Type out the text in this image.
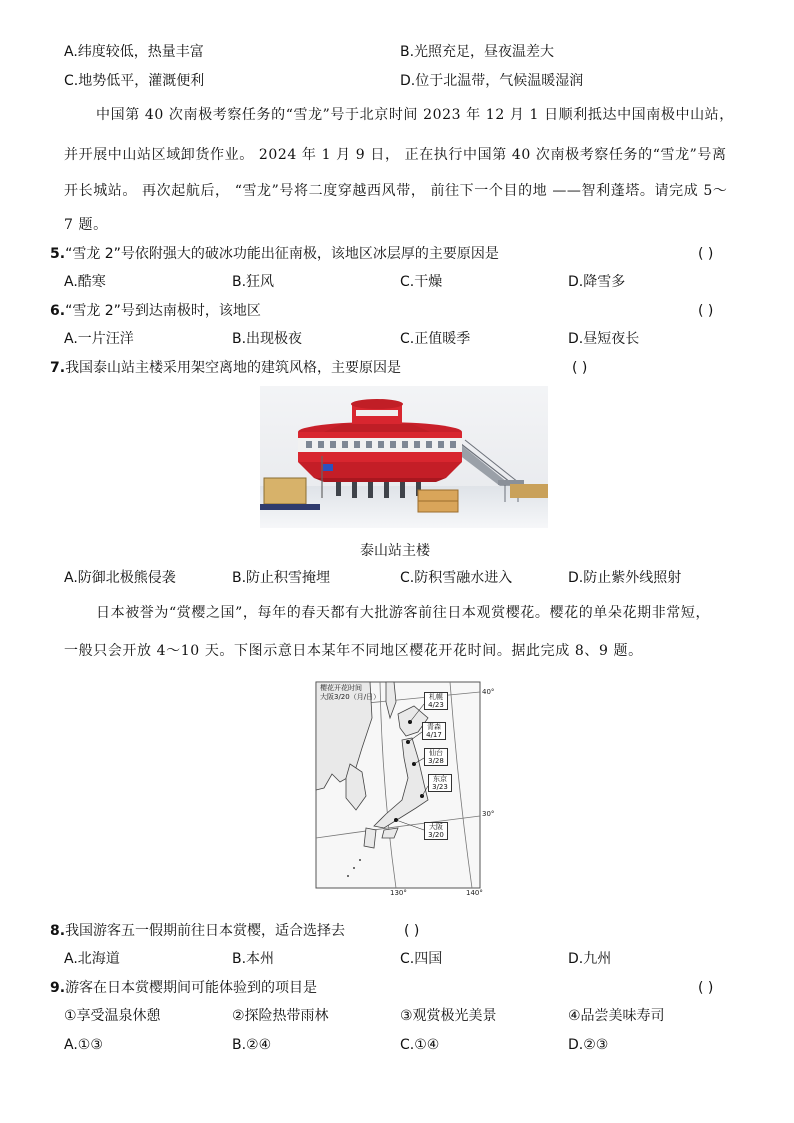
A.纬度较低，热量丰富	B.光照充足，昼夜温差大
C.地势低平，灌溉便利	D.位于北温带，气候温暖湿润
中国第 40 次南极考察任务的“雪龙”号于北京时间 2023 年 12 月 1 日顺利抵达中国南极中山站，
并开展中山站区域卸货作业。 2024 年 1 月 9 日， 正在执行中国第 40 次南极考察任务的“雪龙”号离
开长城站。 再次起航后， “雪龙”号将二度穿越西风带， 前往下一个目的地 ——智利蓬塔。请完成 5～
7 题。
5.“雪龙 2”号依附强大的破冰功能出征南极，该地区冰层厚的主要原因是	( )
A.酷寒	B.狂风	C.干燥	D.降雪多
6.“雪龙 2”号到达南极时，该地区	( )
A.一片汪洋	B.出现极夜	C.正值暖季	D.昼短夜长
7.我国泰山站主楼采用架空离地的建筑风格，主要原因是	( )
泰山站主楼
A.防御北极熊侵袭	B.防止积雪掩埋	C.防积雪融水进入	D.防止紫外线照射
日本被誉为“赏樱之国”，每年的春天都有大批游客前往日本观赏樱花。樱花的单朵花期非常短，
一般只会开放 4～10 天。下图示意日本某年不同地区樱花开花时间。据此完成 8、9 题。
樱花开花时间
大阪3/20（月/日）
40°
30°
130°	140°
札幌
4/23
青森
4/17
仙台
3/28
东京
3/23
大阪
3/20
8.我国游客五一假期前往日本赏樱，适合选择去	( )
A.北海道	B.本州	C.四国	D.九州
9.游客在日本赏樱期间可能体验到的项目是	( )
①享受温泉休憩	②探险热带雨林	③观赏极光美景	④品尝美味寿司
A.①③	B.②④	C.①④	D.②③
